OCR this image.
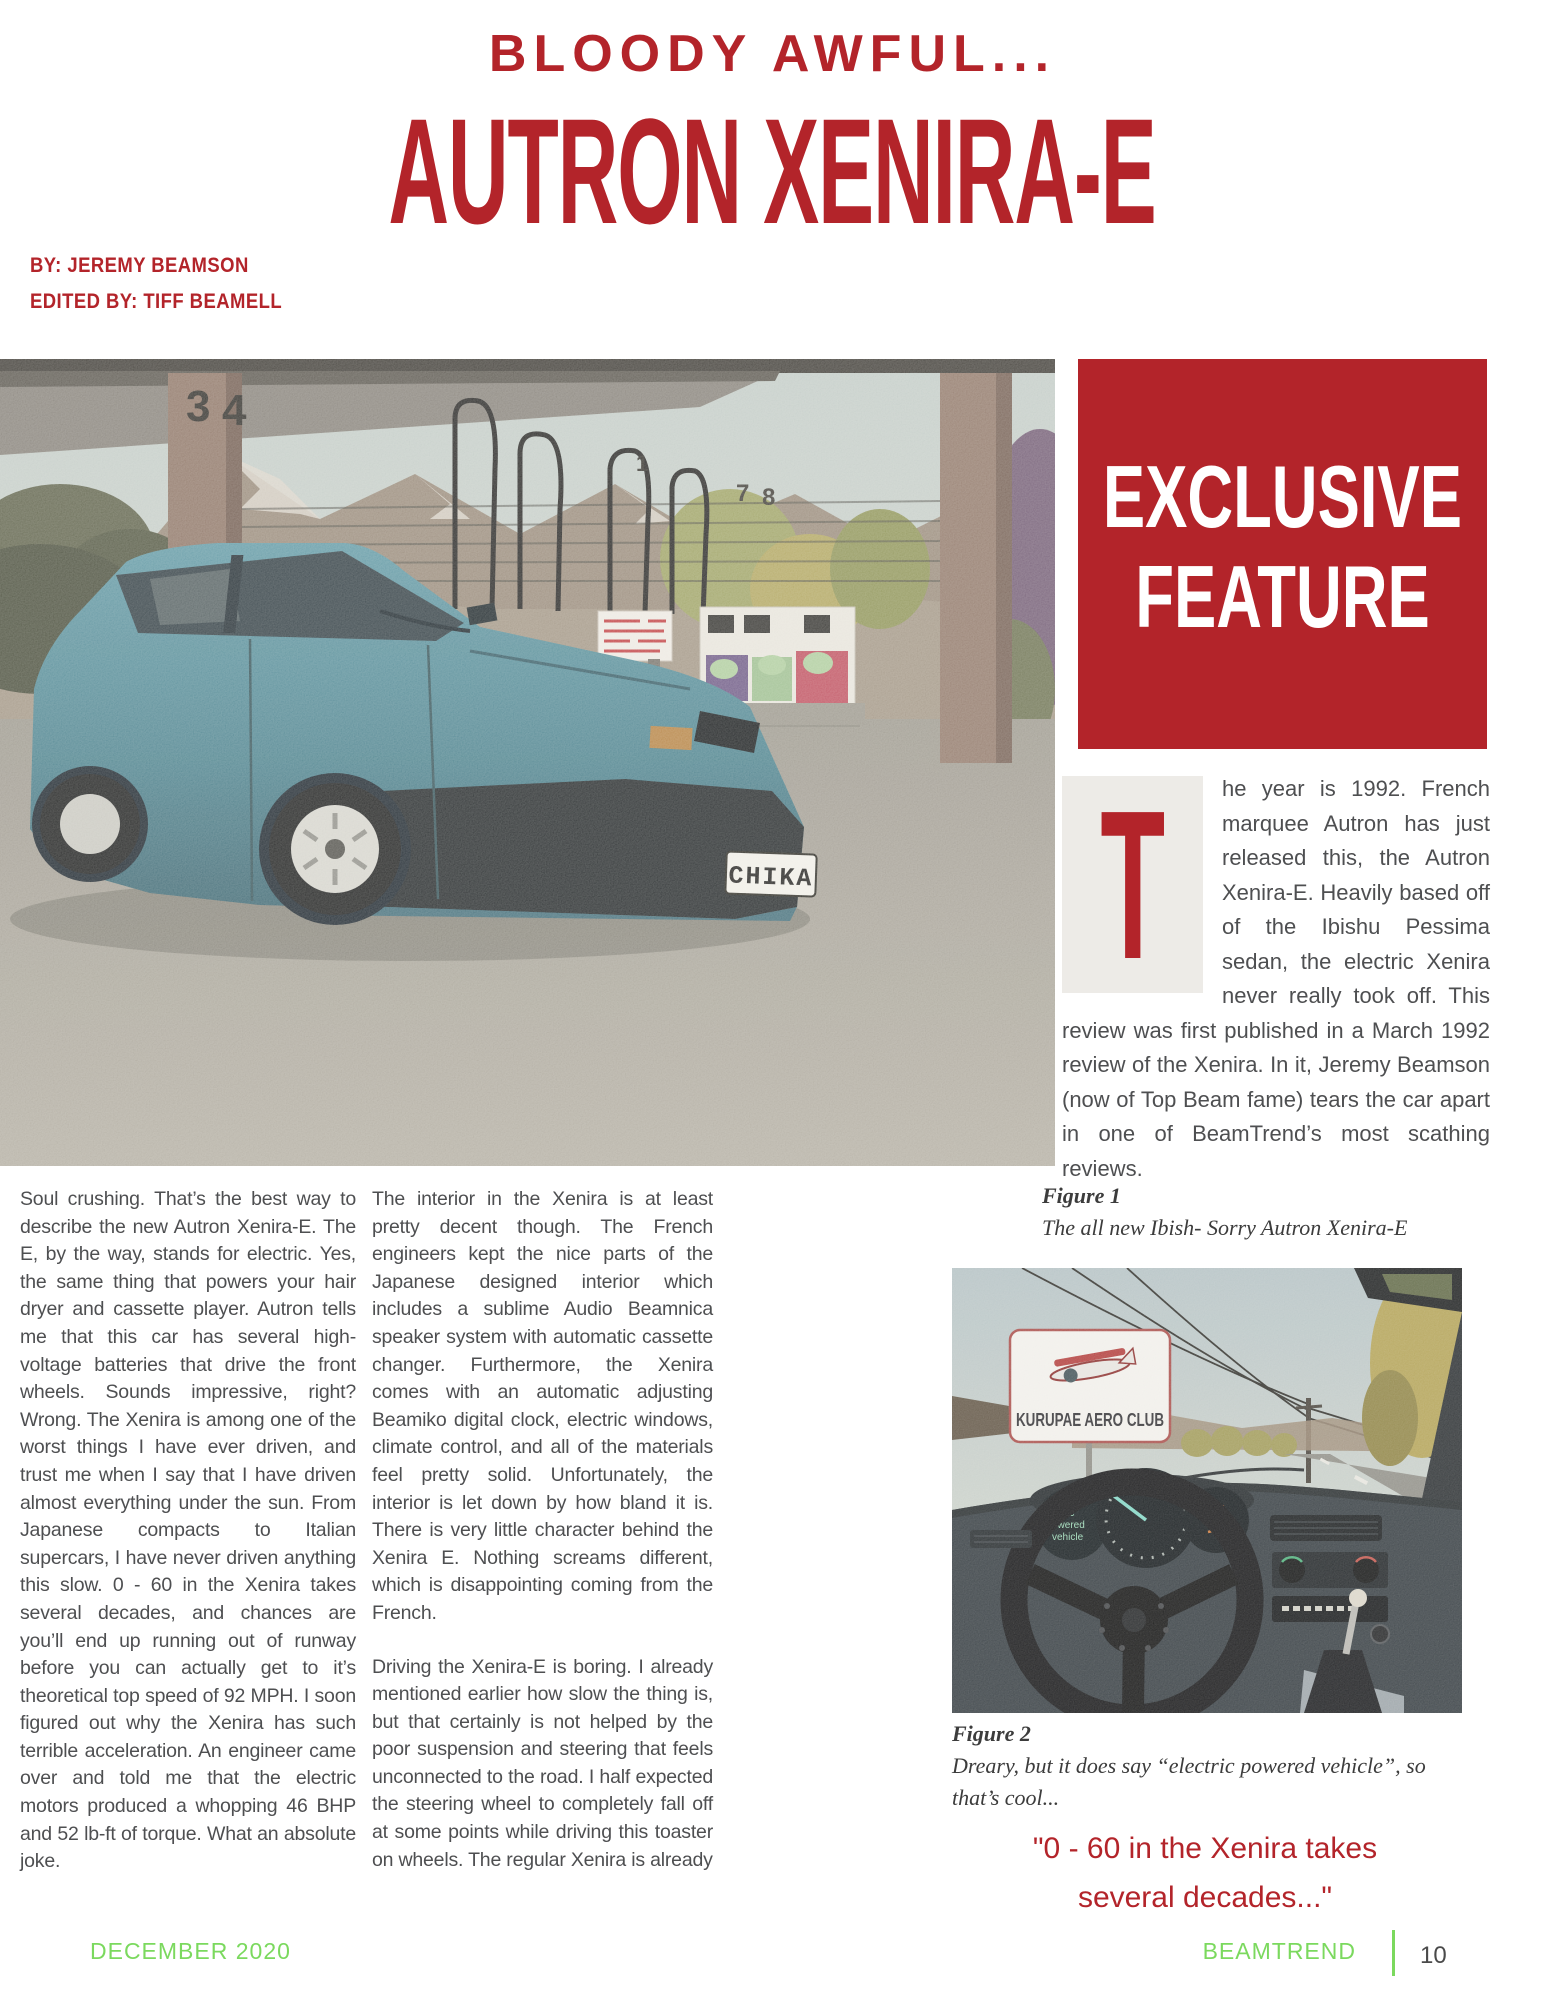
BLOODY AWFUL...
AUTRON XENIRA-E
BY: JEREMY BEAMSON
EDITED BY: TIFF BEAMELL
3 4
7 8
1
CHIKA
EXCLUSIVE
FEATURE
T	he year is 1992. French marquee Autron has just released this, the Autron Xenira-E. Heavily based off of the Ibishu Pessima sedan, the electric Xenira never really took off. This review was first published in a March 1992 review of the Xenira. In it, Jeremy Beamson (now of Top Beam fame) tears the car apart in one of BeamTrend’s most scathing reviews.
Soul crushing. That’s the best way to describe the new Autron Xenira-E. The E, by the way, stands for electric. Yes, the same thing that powers your hair dryer and cassette player. Autron tells me that this car has several high-voltage batteries that drive the front wheels. Sounds impressive, right? Wrong. The Xenira is among one of the worst things I have ever driven, and trust me when I say that I have driven almost everything under the sun. From Japanese compacts to Italian supercars, I have never driven anything this slow. 0 - 60 in the Xenira takes several decades, and chances are you’ll end up running out of runway before you can actually get to it’s theoretical top speed of 92 MPH. I soon figured out why the Xenira has such terrible acceleration. An engineer came over and told me that the electric motors produced a whopping 46 BHP and 52 lb-ft of torque. What an absolute joke.

The interior in the Xenira is at least pretty decent though. The French engineers kept the nice parts of the Japanese designed interior which includes a sublime Audio Beamnica speaker system with automatic cassette changer. Furthermore, the Xenira comes with an automatic adjusting Beamiko digital clock, electric windows, climate control, and all of the materials feel pretty solid. Unfortunately, the interior is let down by how bland it is. There is very little character behind the Xenira E. Nothing screams different, which is disappointing coming from the French.

Driving the Xenira-E is boring. I already mentioned earlier how slow the thing is, but that certainly is not helped by the poor suspension and steering that feels unconnected to the road. I half expected the steering wheel to completely fall off at some points while driving this toaster on wheels. The regular Xenira is already

Figure 1
The all new Ibish- Sorry Autron Xenira-E
KURUPAE AERO CLUB
ctric
owered
vehicle
Figure 2
Dreary, but it does say “electric powered vehicle”, so that’s cool...
"0 - 60 in the Xenira takes
several decades..."
DECEMBER 2020	BEAMTREND	10
